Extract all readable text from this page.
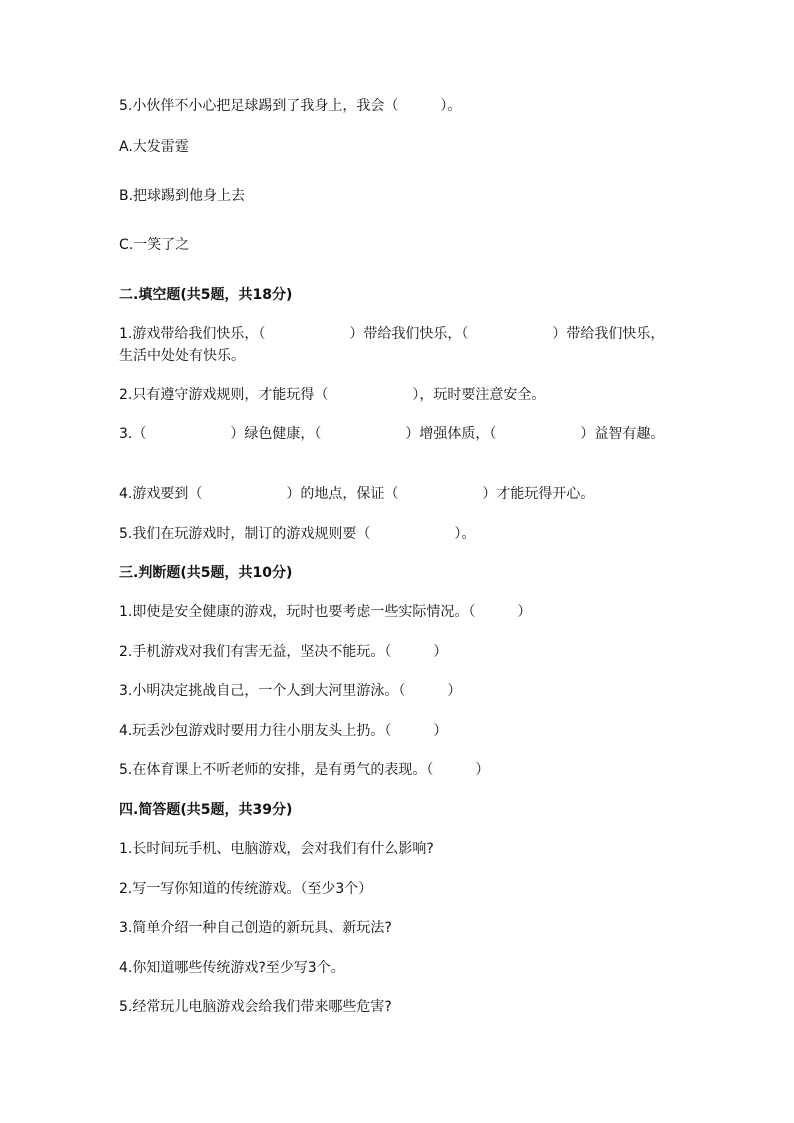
5.小伙伴不小心把足球踢到了我身上，我会（　　　）。

A.大发雷霆

B.把球踢到他身上去

C.一笑了之

二.填空题(共5题，共18分)

1.游戏带给我们快乐，（　　　　　　）带给我们快乐，（　　　　　　）带给我们快乐，生活中处处有快乐。

2.只有遵守游戏规则，才能玩得（　　　　　　），玩时要注意安全。

3.（　　　　　　）绿色健康，（　　　　　　）增强体质，（　　　　　　）益智有趣。

4.游戏要到（　　　　　　）的地点，保证（　　　　　　）才能玩得开心。

5.我们在玩游戏时，制订的游戏规则要（　　　　　　）。

三.判断题(共5题，共10分)

1.即使是安全健康的游戏，玩时也要考虑一些实际情况。（　　　）

2.手机游戏对我们有害无益，坚决不能玩。（　　　）

3.小明决定挑战自己，一个人到大河里游泳。（　　　）

4.玩丢沙包游戏时要用力往小朋友头上扔。（　　　）

5.在体育课上不听老师的安排，是有勇气的表现。（　　　）

四.简答题(共5题，共39分)

1.长时间玩手机、电脑游戏，会对我们有什么影响?

2.写一写你知道的传统游戏。（至少3个）

3.简单介绍一种自己创造的新玩具、新玩法?

4.你知道哪些传统游戏?至少写3个。

5.经常玩儿电脑游戏会给我们带来哪些危害?
